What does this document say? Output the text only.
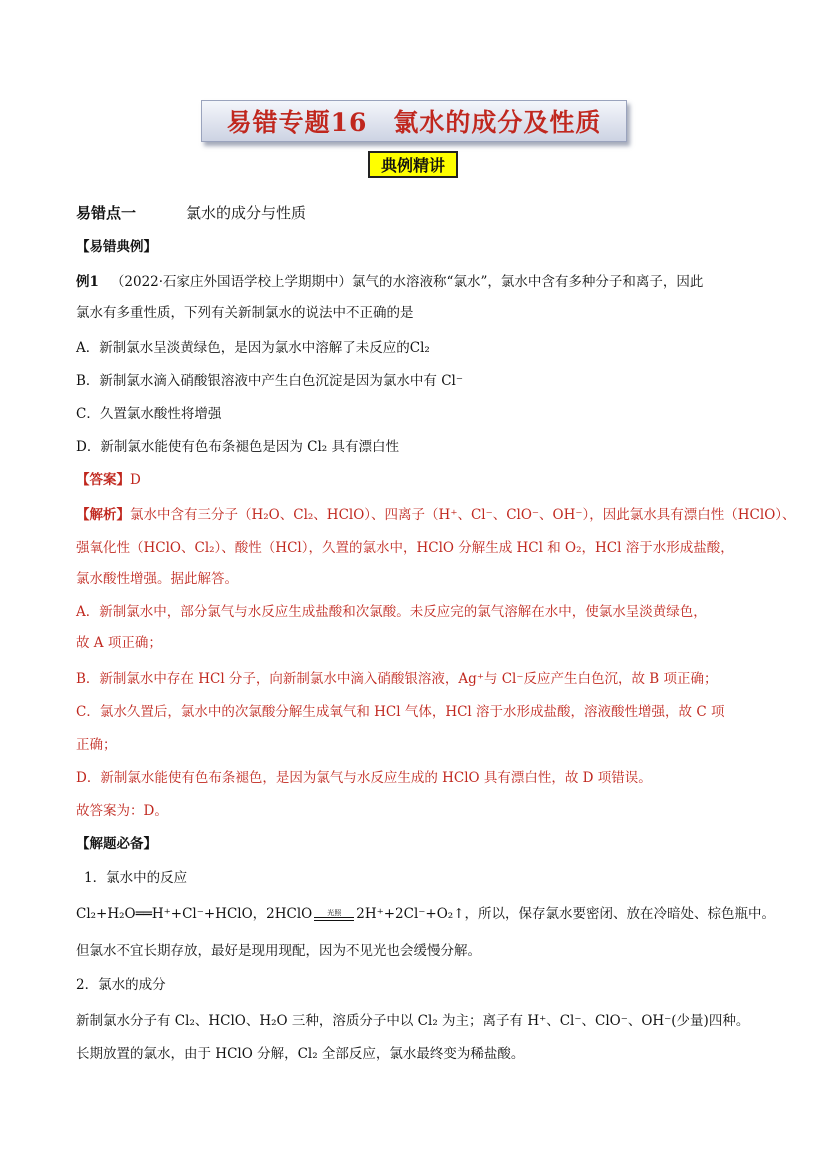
易错专题16　氯水的成分及性质
典例精讲
易错点一	氯水的成分与性质
【易错典例】
例1 （2022·石家庄外国语学校上学期期中）氯气的水溶液称“氯水”，氯水中含有多种分子和离子，因此
氯水有多重性质，下列有关新制氯水的说法中不正确的是
A．新制氯水呈淡黄绿色，是因为氯水中溶解了未反应的Cl₂
B．新制氯水滴入硝酸银溶液中产生白色沉淀是因为氯水中有 Cl⁻
C．久置氯水酸性将增强
D．新制氯水能使有色布条褪色是因为 Cl₂ 具有漂白性
【答案】D
【解析】氯水中含有三分子（H₂O、Cl₂、HClO）、四离子（H⁺、Cl⁻、ClO⁻、OH⁻），因此氯水具有漂白性（HClO）、
强氧化性（HClO、Cl₂）、酸性（HCl），久置的氯水中，HClO 分解生成 HCl 和 O₂，HCl 溶于水形成盐酸，
氯水酸性增强。据此解答。
A．新制氯水中，部分氯气与水反应生成盐酸和次氯酸。未反应完的氯气溶解在水中，使氯水呈淡黄绿色，
故 A 项正确；
B．新制氯水中存在 HCl 分子，向新制氯水中滴入硝酸银溶液，Ag⁺与 Cl⁻反应产生白色沉，故 B 项正确；
C．氯水久置后，氯水中的次氯酸分解生成氧气和 HCl 气体，HCl 溶于水形成盐酸，溶液酸性增强，故 C 项
正确；
D．新制氯水能使有色布条褪色，是因为氯气与水反应生成的 HClO 具有漂白性，故 D 项错误。
故答案为：D。
【解题必备】
1．氯水中的反应
Cl₂+H₂O══H⁺+Cl⁻+HClO，2HClO 光照 2H⁺+2Cl⁻+O₂↑，所以，保存氯水要密闭、放在冷暗处、棕色瓶中。
但氯水不宜长期存放，最好是现用现配，因为不见光也会缓慢分解。
2．氯水的成分
新制氯水分子有 Cl₂、HClO、H₂O 三种，溶质分子中以 Cl₂ 为主；离子有 H⁺、Cl⁻、ClO⁻、OH⁻(少量)四种。
长期放置的氯水，由于 HClO 分解，Cl₂ 全部反应，氯水最终变为稀盐酸。
